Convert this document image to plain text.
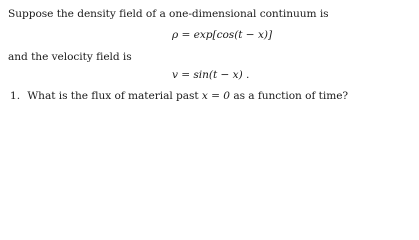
Suppose the density field of a one-dimensional continuum is
ρ = exp[cos(t − x)]
and the velocity field is
v = sin(t − x) .
1. What is the flux of material past x = 0 as a function of time?
